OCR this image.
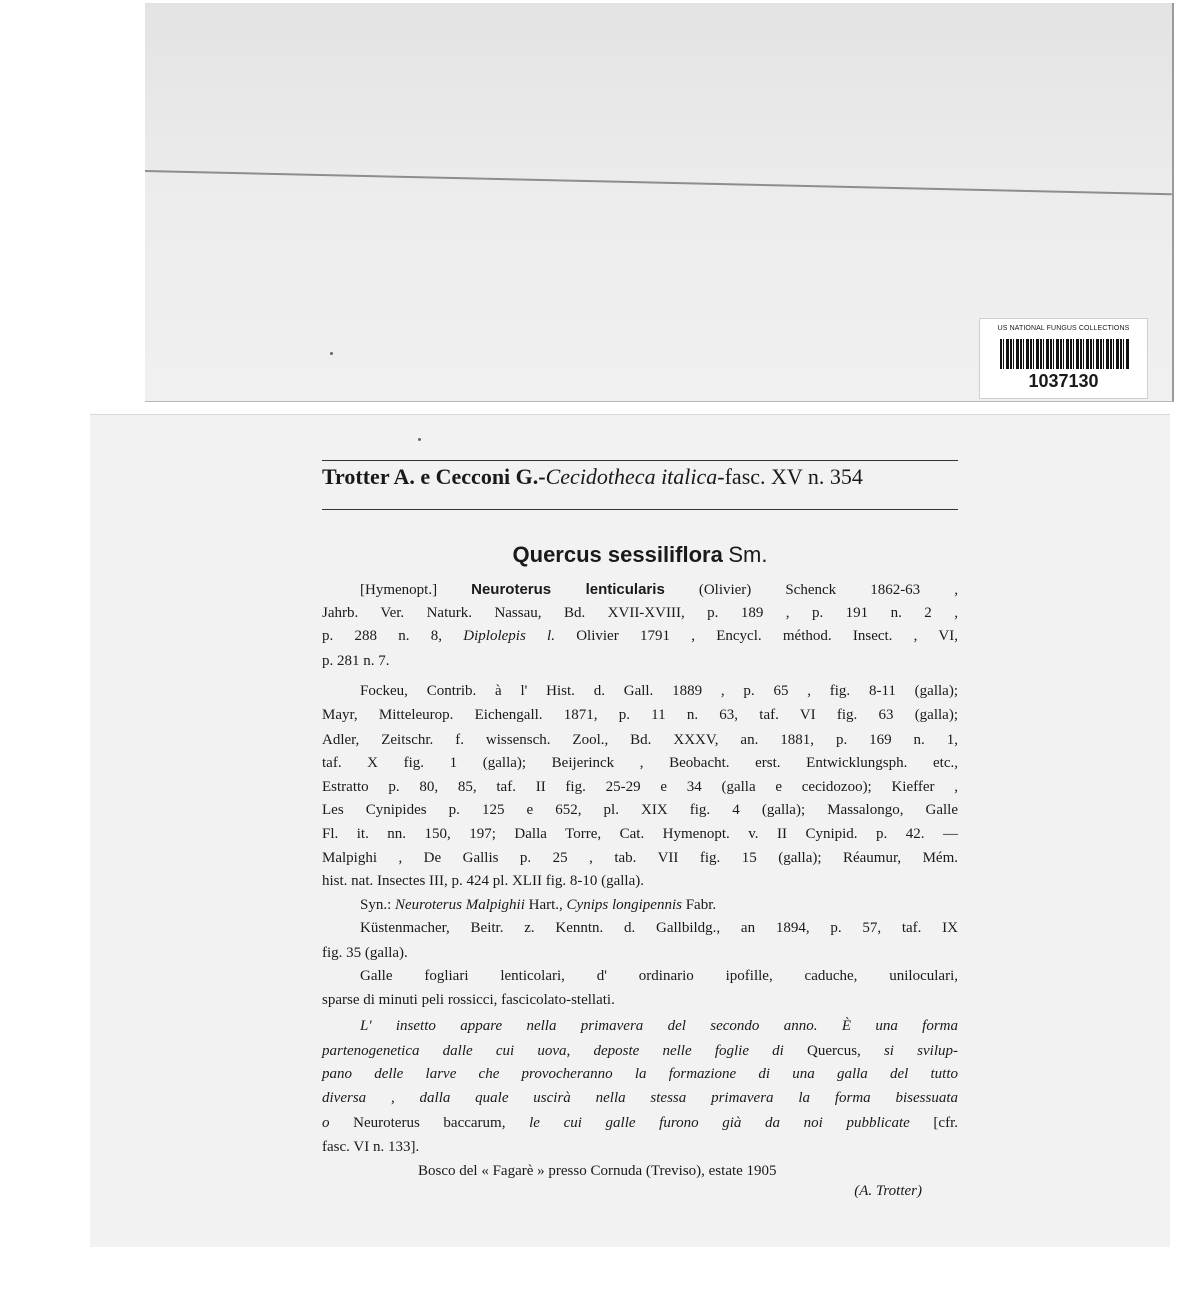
US NATIONAL FUNGUS COLLECTIONS
1037130
Trotter A. e Cecconi G.-Cecidotheca italica-fasc. XV n. 354
Quercus sessiliflora Sm.
[Hymenopt.] Neuroterus lenticularis (Olivier) Schenck 1862-63 ,
Jahrb. Ver. Naturk. Nassau, Bd. XVII-XVIII, p. 189 , p. 191 n. 2 ,
p. 288 n. 8, Diplolepis l. Olivier 1791 , Encycl. méthod. Insect. , VI,
p. 281 n. 7.
Fockeu, Contrib. à l' Hist. d. Gall. 1889 , p. 65 , fig. 8-11 (galla);
Mayr, Mitteleurop. Eichengall. 1871, p. 11 n. 63, taf. VI fig. 63 (galla);
Adler, Zeitschr. f. wissensch. Zool., Bd. XXXV, an. 1881, p. 169 n. 1,
taf. X fig. 1 (galla); Beijerinck , Beobacht. erst. Entwicklungsph. etc.,
Estratto p. 80, 85, taf. II fig. 25-29 e 34 (galla e cecidozoo); Kieffer ,
Les Cynipides p. 125 e 652, pl. XIX fig. 4 (galla); Massalongo, Galle
Fl. it. nn. 150, 197; Dalla Torre, Cat. Hymenopt. v. II Cynipid. p. 42. —
Malpighi , De Gallis p. 25 , tab. VII fig. 15 (galla); Réaumur, Mém.
hist. nat. Insectes III, p. 424 pl. XLII fig. 8-10 (galla).
Syn.: Neuroterus Malpighii Hart., Cynips longipennis Fabr.
Küstenmacher, Beitr. z. Kenntn. d. Gallbildg., an 1894, p. 57, taf. IX
fig. 35 (galla).
Galle fogliari lenticolari, d' ordinario ipofille, caduche, uniloculari,
sparse di minuti peli rossicci, fascicolato-stellati.
L' insetto appare nella primavera del secondo anno. È una forma
partenogenetica dalle cui uova, deposte nelle foglie di Quercus, si svilup-
pano delle larve che provocheranno la formazione di una galla del tutto
diversa , dalla quale uscirà nella stessa primavera la forma bisessuata
o Neuroterus baccarum, le cui galle furono già da noi pubblicate [cfr.
fasc. VI n. 133].
Bosco del « Fagarè » presso Cornuda (Treviso), estate 1905
(A. Trotter)
